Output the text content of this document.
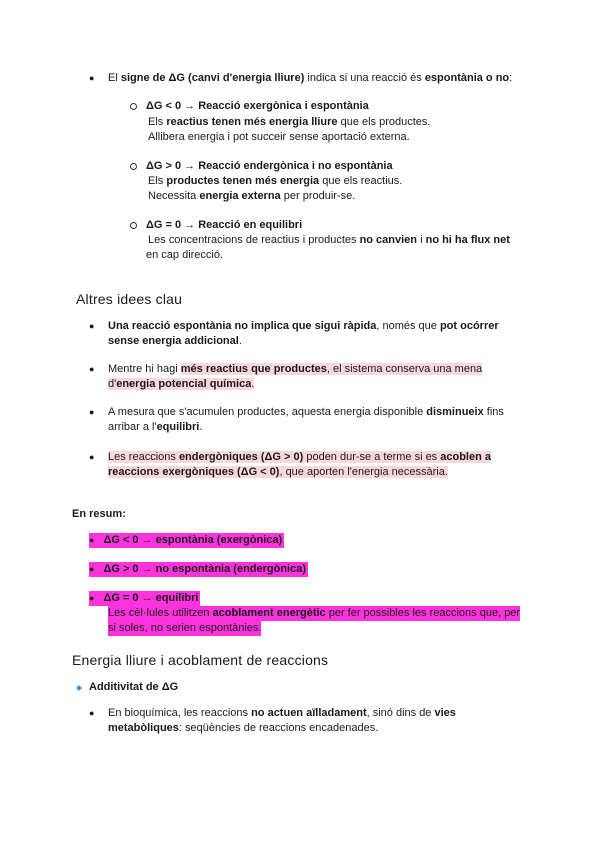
● El signe de ΔG (canvi d'energia lliure) indica si una reacció és espontània o no:
ΔG < 0 → Reacció exergònica i espontània
Els reactius tenen més energia lliure que els productes.
Allibera energia i pot succeir sense aportació externa.
ΔG > 0 → Reacció endergònica i no espontània
Els productes tenen més energia que els reactius.
Necessita energia externa per produir-se.
ΔG = 0 → Reacció en equilibri
Les concentracions de reactius i productes no canvien i no hi ha flux net
en cap direcció.
Altres idees clau
● Una reacció espontània no implica que sigui ràpida, només que pot ocórrer
sense energia addicional.
● Mentre hi hagi més reactius que productes, el sistema conserva una mena
d'energia potencial química.
● A mesura que s'acumulen productes, aquesta energia disponible disminueix fins
arribar a l'equilibri.
● Les reaccions endergòniques (ΔG > 0) poden dur-se a terme si es acoblen a
reaccions exergòniques (ΔG < 0), que aporten l'energia necessària.
En resum:
● ΔG < 0 → espontània (exergònica)
● ΔG > 0 → no espontània (endergònica)
● ΔG = 0 → equilibri
Les cèl·lules utilitzen acoblament energètic per fer possibles les reaccions que, per
si soles, no serien espontànies.
Energia lliure i acoblament de reaccions
Additivitat de ΔG
● En bioquímica, les reaccions no actuen aïlladament, sinó dins de vies
metabòliques: seqüències de reaccions encadenades.
